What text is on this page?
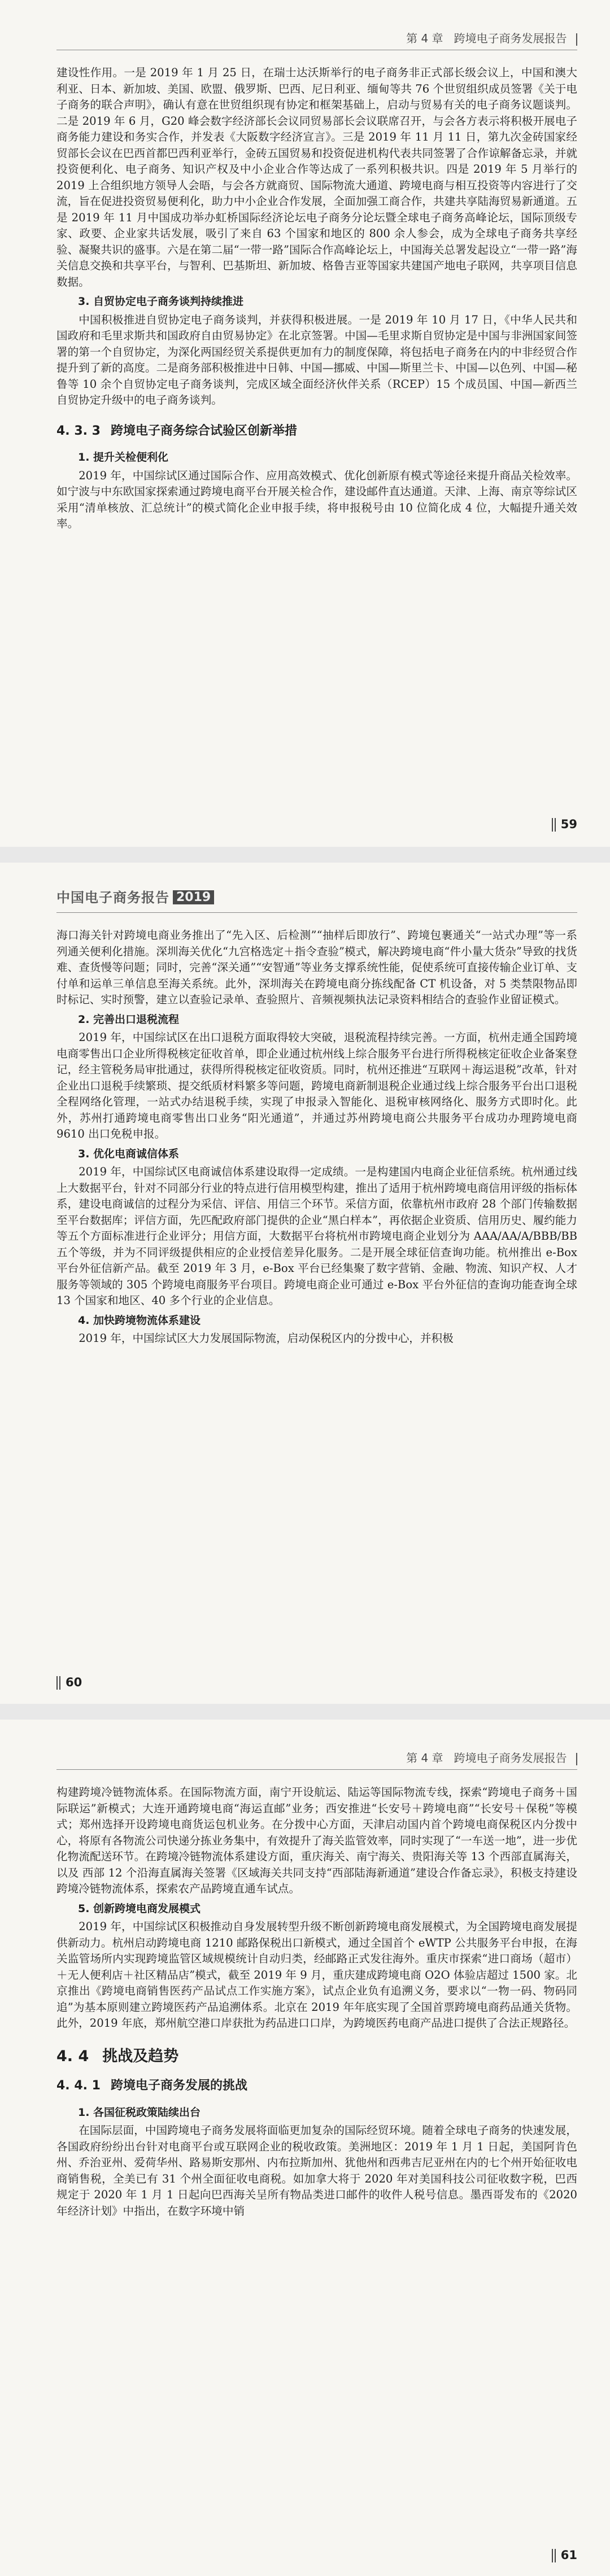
第 4 章 跨境电子商务发展报告

建设性作用。一是 2019 年 1 月 25 日，在瑞士达沃斯举行的电子商务非正式部长级会议上，中国和澳大利亚、日本、新加坡、美国、欧盟、俄罗斯、巴西、尼日利亚、缅甸等共 76 个世贸组织成员签署《关于电子商务的联合声明》，确认有意在世贸组织现有协定和框架基础上，启动与贸易有关的电子商务议题谈判。二是 2019 年 6 月，G20 峰会数字经济部长会议同贸易部长会议联席召开，与会各方表示将积极开展电子商务能力建设和务实合作，并发表《大阪数字经济宣言》。三是 2019 年 11 月 11 日，第九次金砖国家经贸部长会议在巴西首都巴西利亚举行，金砖五国贸易和投资促进机构代表共同签署了合作谅解备忘录，并就投资便利化、电子商务、知识产权及中小企业合作等达成了一系列积极共识。四是 2019 年 5 月举行的 2019 上合组织地方领导人会晤，与会各方就商贸、国际物流大通道、跨境电商与相互投资等内容进行了交流，旨在促进投资贸易便利化，助力中小企业合作发展，全面加强工商合作，共建共享陆海贸易新通道。五是 2019 年 11 月中国成功举办虹桥国际经济论坛电子商务分论坛暨全球电子商务高峰论坛，国际顶级专家、政要、企业家共话发展，吸引了来自 63 个国家和地区的 800 余人参会，成为全球电子商务共享经验、凝聚共识的盛事。六是在第二届“一带一路”国际合作高峰论坛上，中国海关总署发起设立“一带一路”海关信息交换和共享平台，与智利、巴基斯坦、新加坡、格鲁吉亚等国家共建国产地电子联网，共享项目信息数据。

3. 自贸协定电子商务谈判持续推进

中国积极推进自贸协定电子商务谈判，并获得积极进展。一是 2019 年 10 月 17 日，《中华人民共和国政府和毛里求斯共和国政府自由贸易协定》在北京签署。中国—毛里求斯自贸协定是中国与非洲国家间签署的第一个自贸协定，为深化两国经贸关系提供更加有力的制度保障，将包括电子商务在内的中非经贸合作提升到了新的高度。二是商务部积极推进中日韩、中国—挪威、中国—斯里兰卡、中国—以色列、中国—秘鲁等 10 余个自贸协定电子商务谈判，完成区域全面经济伙伴关系（RCEP）15 个成员国、中国—新西兰自贸协定升级中的电子商务谈判。

4. 3. 3 跨境电子商务综合试验区创新举措

1. 提升关检便利化

2019 年，中国综试区通过国际合作、应用高效模式、优化创新原有模式等途径来提升商品关检效率。如宁波与中东欧国家探索通过跨境电商平台开展关检合作，建设邮件直达通道。天津、上海、南京等综试区采用“清单核放、汇总统计”的模式简化企业申报手续，将申报税号由 10 位简化成 4 位，大幅提升通关效率。

59
中国电子商务报告 2019

海口海关针对跨境电商业务推出了“先入区、后检测”“抽样后即放行”、跨境包裹通关“一站式办理”等一系列通关便利化措施。深圳海关优化“九宫格选定＋指令查验”模式，解决跨境电商“件小量大货杂”导致的找货难、查货慢等问题；同时，完善“深关通”“安智通”等业务支撑系统性能，促使系统可直接传输企业订单、支付单和运单三单信息至海关系统。此外，深圳海关在跨境电商分拣线配备 CT 机设备，对 5 类禁限物品即时标记、实时预警，建立以查验记录单、查验照片、音频视频执法记录资料相结合的查验作业留证模式。

2. 完善出口退税流程

2019 年，中国综试区在出口退税方面取得较大突破，退税流程持续完善。一方面，杭州走通全国跨境电商零售出口企业所得税核定征收首单，即企业通过杭州线上综合服务平台进行所得税核定征收企业备案登记，经主管税务局审批通过，获得所得税核定征收资质。同时，杭州还推进“互联网＋海运退税”改革，针对企业出口退税手续繁琐、提交纸质材料繁多等问题，跨境电商新制退税企业通过线上综合服务平台出口退税全程网络化管理，一站式办结退税手续，实现了申报录入智能化、退税审核网络化、服务方式即时化。此外，苏州打通跨境电商零售出口业务“阳光通道”，并通过苏州跨境电商公共服务平台成功办理跨境电商 9610 出口免税申报。

3. 优化电商诚信体系

2019 年，中国综试区电商诚信体系建设取得一定成绩。一是构建国内电商企业征信系统。杭州通过线上大数据平台，针对不同部分行业的特点进行信用模型构建，推出了适用于杭州跨境电商信用评级的指标体系，建设电商诚信的过程分为采信、评信、用信三个环节。采信方面，依靠杭州市政府 28 个部门传输数据至平台数据库；评信方面，先匹配政府部门提供的企业“黑白样本”，再依据企业资质、信用历史、履约能力等五个方面标准进行企业评分；用信方面，大数据平台将杭州市跨境电商企业划分为 AAA/AA/A/BBB/BB五个等级，并为不同评级提供相应的企业授信差异化服务。二是开展全球征信查询功能。杭州推出 e-Box 平台外征信新产品。截至 2019 年 3 月，e-Box 平台已经集聚了数字营销、金融、物流、知识产权、人才服务等领域的 305 个跨境电商服务平台项目。跨境电商企业可通过 e-Box 平台外征信的查询功能查询全球 13 个国家和地区、40 多个行业的企业信息。

4. 加快跨境物流体系建设

2019 年，中国综试区大力发展国际物流，启动保税区内的分拨中心，并积极

60
第 4 章 跨境电子商务发展报告

构建跨境冷链物流体系。在国际物流方面，南宁开设航运、陆运等国际物流专线，探索“跨境电子商务＋国际联运”新模式；大连开通跨境电商“海运直邮”业务；西安推进“长安号＋跨境电商”“长安号＋保税”等模式；郑州选择开设跨境电商货运包机业务。在分拨中心方面，天津启动国内首个跨境电商保税区内分拨中心，将原有各物流公司快递分拣业务集中，有效提升了海关监管效率，同时实现了“一车送一地”，进一步优化物流配送环节。在跨境冷链物流体系建设方面，重庆海关、南宁海关、贵阳海关等 13 个西部直属海关，以及 西部 12 个沿海直属海关签署《区域海关共同支持“西部陆海新通道”建设合作备忘录》，积极支持建设跨境冷链物流体系，探索农产品跨境直通车试点。

5. 创新跨境电商发展模式

2019 年，中国综试区积极推动自身发展转型升级不断创新跨境电商发展模式，为全国跨境电商发展提供新动力。杭州启动跨境电商 1210 邮路保税出口新模式，通过全国首个 eWTP 公共服务平台申报，在海关监管场所内实现跨境监管区域规模统计自动归类，经邮路正式发往海外。重庆市探索“进口商场（超市）＋无人便利店＋社区精品店”模式，截至 2019 年 9 月，重庆建成跨境电商 O2O 体验店超过 1500 家。北京推出《跨境电商销售医药产品试点工作实施方案》，试点企业负有追溯义务，要求以“一物一码、物码同追”为基本原则建立跨境医药产品追溯体系。北京在 2019 年年底实现了全国首票跨境电商药品通关货物。此外，2019 年底，郑州航空港口岸获批为药品进口口岸，为跨境医药电商产品进口提供了合法正规路径。

4. 4 挑战及趋势
4. 4. 1 跨境电子商务发展的挑战

1. 各国征税政策陆续出台

在国际层面，中国跨境电子商务发展将面临更加复杂的国际经贸环境。随着全球电子商务的快速发展，各国政府纷纷出台针对电商平台或互联网企业的税收政策。美洲地区：2019 年 1 月 1 日起，美国阿肯色州、乔治亚州、爱荷华州、路易斯安那州、内布拉斯加州、犹他州和西弗吉尼亚州在内的七个州开始征收电商销售税，全美已有 31 个州全面征收电商税。如加拿大将于 2020 年对美国科技公司征收数字税，巴西规定于 2020 年 1 月 1 日起向巴西海关呈所有物品类进口邮件的收件人税号信息。墨西哥发布的《2020 年经济计划》中指出，在数字环境中销

61
